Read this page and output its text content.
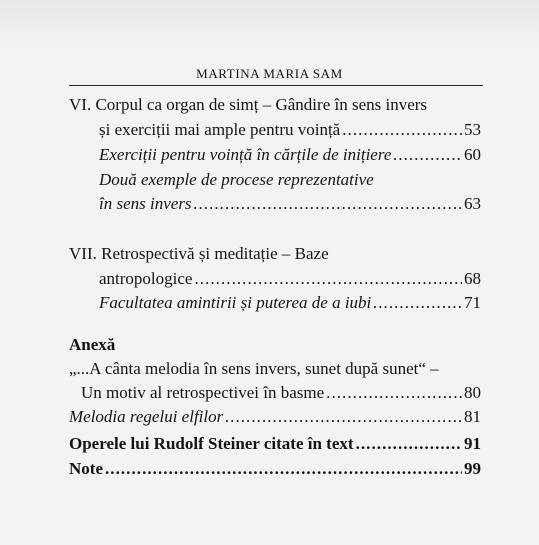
MARTINA MARIA SAM
VI. Corpul ca organ de simț – Gândire în sens invers
și exerciții mai ample pentru voință . . .	53
Exerciții pentru voință în cărțile de inițiere . . .	60
Două exemple de procese reprezentative
în sens invers . . .	63
VII. Retrospectivă și meditație – Baze
antropologice . . .	68
Facultatea amintirii și puterea de a iubi . . .	71
Anexă
„...A cânta melodia în sens invers, sunet după sunet“ –
Un motiv al retrospectivei în basme . . .	80
Melodia regelui elfilor . . .	81
Operele lui Rudolf Steiner citate în text . . .	91
Note . . .	99
